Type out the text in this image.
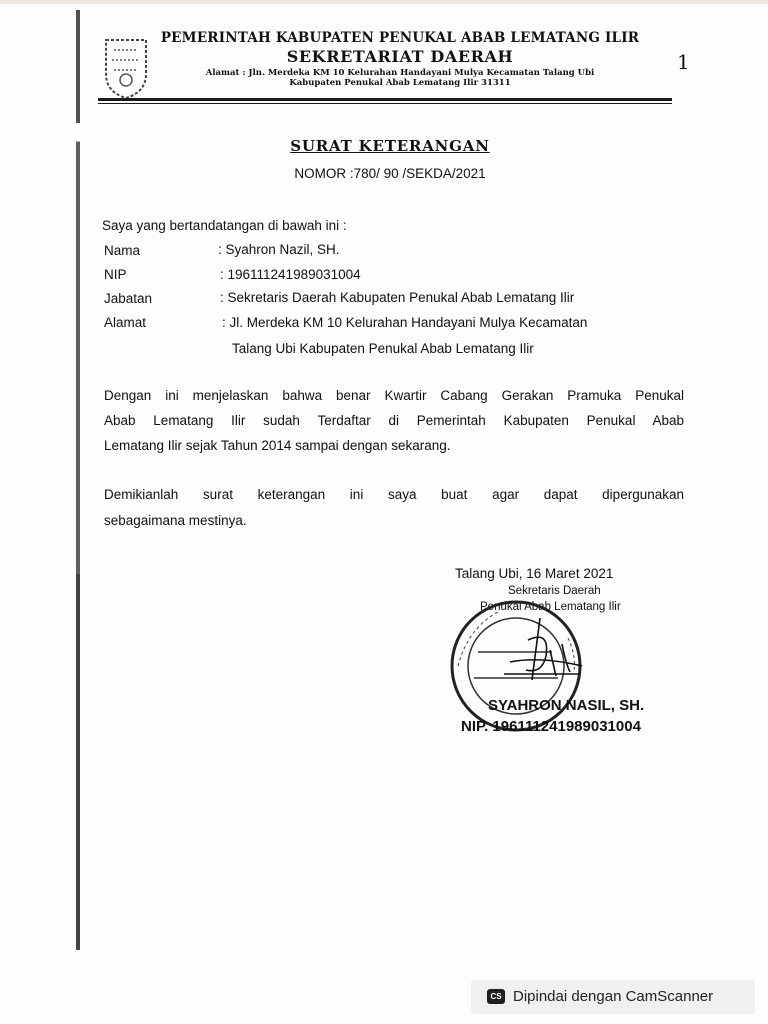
PEMERINTAH KABUPATEN PENUKAL ABAB LEMATANG ILIR
SEKRETARIAT DAERAH
Alamat : Jln. Merdeka KM 10 Kelurahan Handayani Mulya Kecamatan Talang Ubi
Kabupaten Penukal Abab Lematang Ilir 31311
1
SURAT KETERANGAN
NOMOR :780/ 90 /SEKDA/2021
Saya yang bertandatangan di bawah ini :
Nama	: Syahron Nazil, SH.
NIP	: 196111241989031004
Jabatan	: Sekretaris Daerah Kabupaten Penukal Abab Lematang Ilir
Alamat	: Jl. Merdeka KM 10 Kelurahan Handayani Mulya Kecamatan
Talang Ubi Kabupaten Penukal Abab Lematang Ilir
Dengan ini menjelaskan bahwa benar Kwartir Cabang Gerakan Pramuka Penukal
Abab Lematang Ilir sudah Terdaftar di Pemerintah Kabupaten Penukal Abab
Lematang Ilir sejak Tahun 2014 sampai dengan sekarang.
Demikianlah surat keterangan ini saya buat agar dapat dipergunakan
sebagaimana mestinya.
Talang Ubi, 16 Maret 2021
Sekretaris Daerah
Penukal Abab Lematang Ilir
SYAHRON NASIL, SH.
NIP. 196111241989031004
CS Dipindai dengan CamScanner
